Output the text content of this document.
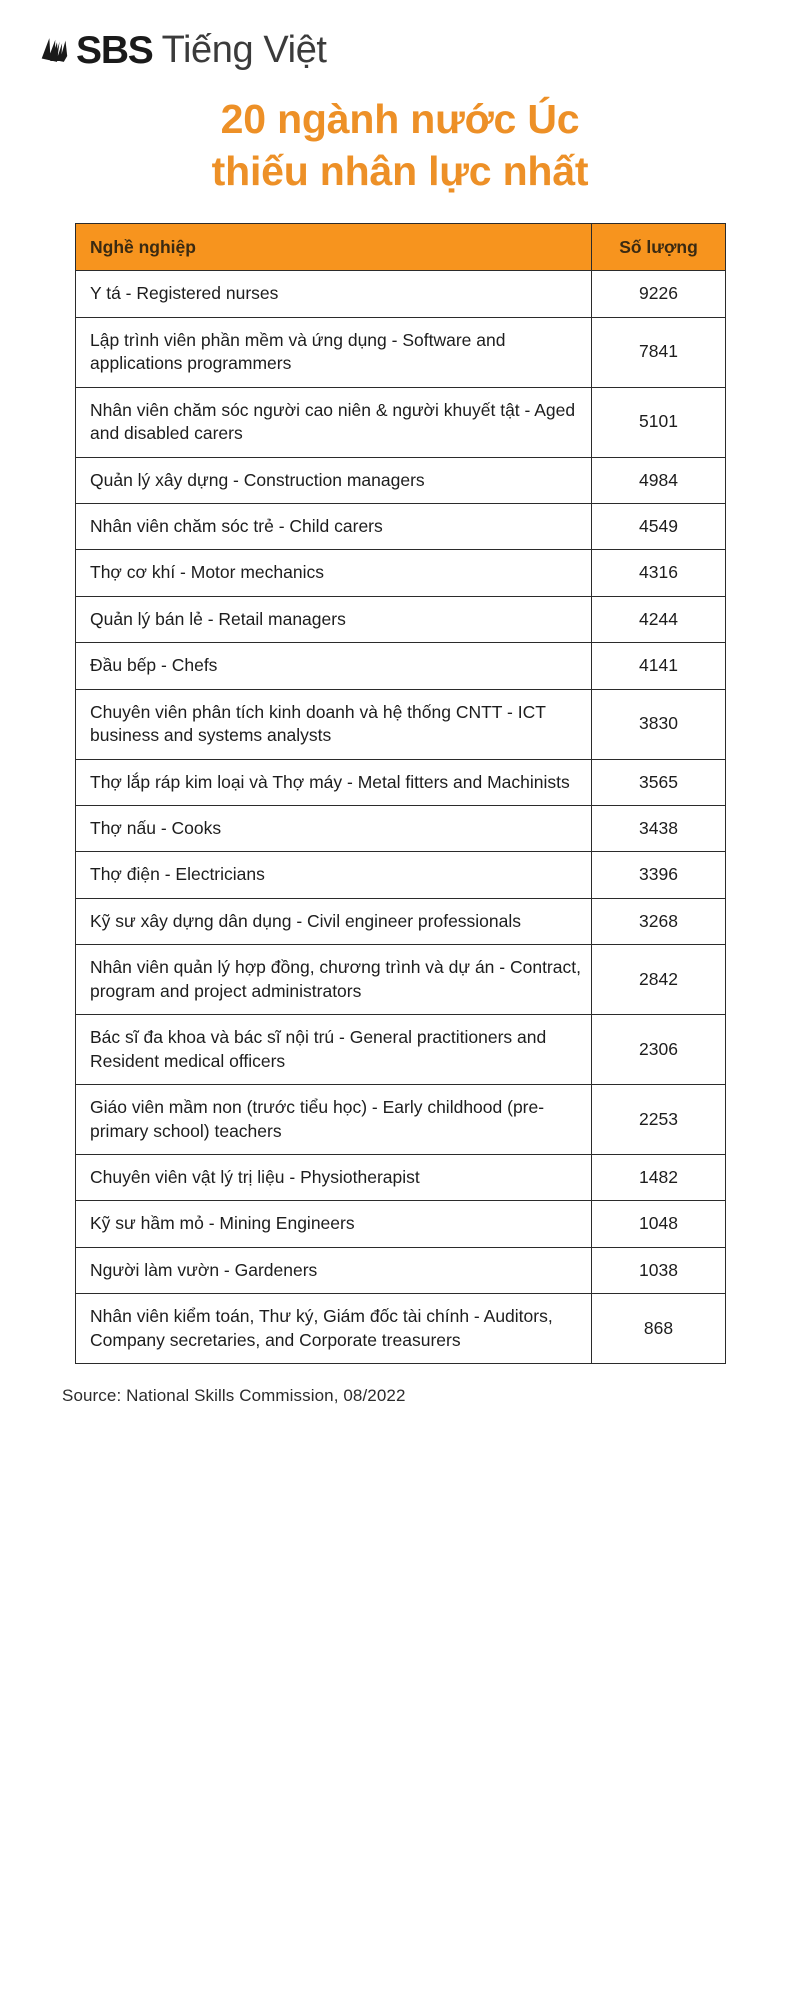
SBS Tiếng Việt
20 ngành nước Úc
thiếu nhân lực nhất
Nghề nghiệp	Số lượng
Y tá - Registered nurses	9226
Lập trình viên phần mềm và ứng dụng - Software and applications programmers	7841
Nhân viên chăm sóc người cao niên & người khuyết tật - Aged and disabled carers	5101
Quản lý xây dựng - Construction managers	4984
Nhân viên chăm sóc trẻ - Child carers	4549
Thợ cơ khí - Motor mechanics	4316
Quản lý bán lẻ - Retail managers	4244
Đầu bếp - Chefs	4141
Chuyên viên phân tích kinh doanh và hệ thống CNTT - ICT business and systems analysts	3830
Thợ lắp ráp kim loại và Thợ máy - Metal fitters and Machinists	3565
Thợ nấu - Cooks	3438
Thợ điện - Electricians	3396
Kỹ sư xây dựng dân dụng - Civil engineer professionals	3268
Nhân viên quản lý hợp đồng, chương trình và dự án - Contract, program and project administrators	2842
Bác sĩ đa khoa và bác sĩ nội trú - General practitioners and Resident medical officers	2306
Giáo viên mầm non (trước tiểu học) - Early childhood (pre-primary school) teachers	2253
Chuyên viên vật lý trị liệu - Physiotherapist	1482
Kỹ sư hầm mỏ - Mining Engineers	1048
Người làm vườn - Gardeners	1038
Nhân viên kiểm toán, Thư ký, Giám đốc tài chính - Auditors, Company secretaries, and Corporate treasurers	868
Source: National Skills Commission, 08/2022
